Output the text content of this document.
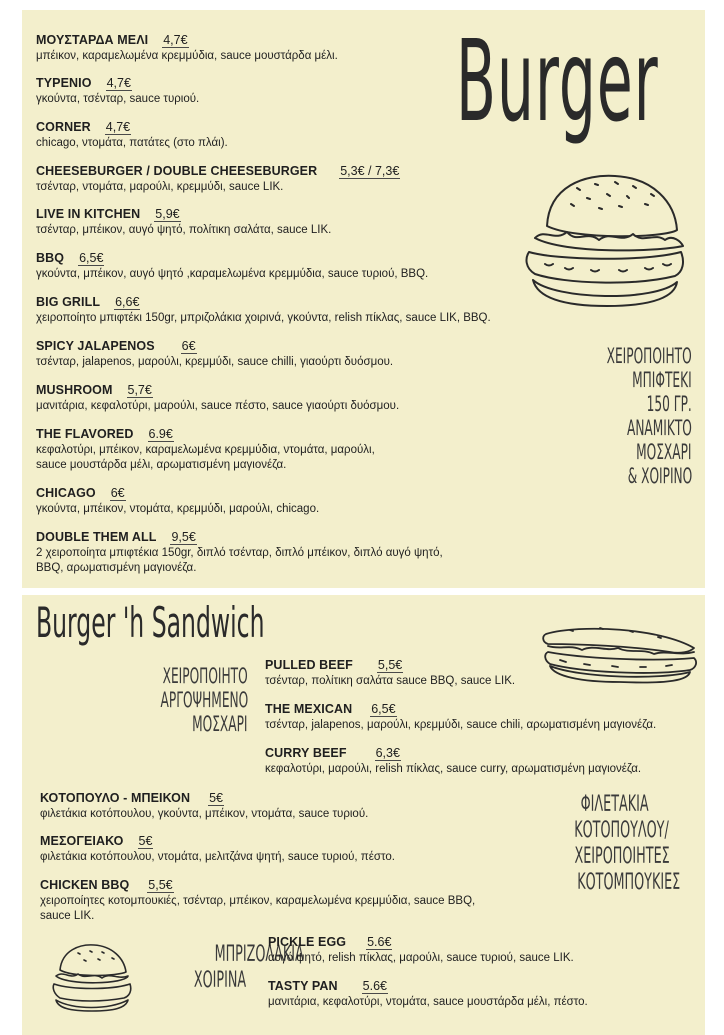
Burger
ΧΕΙΡΟΠΟΙΗΤΟ
ΜΠΙΦΤΕΚΙ
150 ΓΡ.
ΑΝΑΜΙΚΤΟ
ΜΟΣΧΑΡΙ
& ΧΟΙΡΙΝΟ
ΜΟΥΣΤΑΡΔΑ ΜΕΛΙ 4,7€
μπέικον, καραμελωμένα κρεμμύδια, sauce μουστάρδα μέλι.
ΤΥΡΕΝΙΟ 4,7€
γκούντα, τσένταρ, sauce τυριού.
CORNER 4,7€
chicago, ντομάτα, πατάτες (στο πλάι).
CHEESEBURGER / DOUBLE CHEESEBURGER 5,3€ / 7,3€
τσένταρ, ντομάτα, μαρούλι, κρεμμύδι, sauce LIK.
LIVE IN KITCHEN 5,9€
τσένταρ, μπέικον, αυγό ψητό, πολίτικη σαλάτα, sauce LIK.
BBQ 6,5€
γκούντα, μπέικον, αυγό ψητό ,καραμελωμένα κρεμμύδια, sauce τυριού, BBQ.
BIG GRILL 6,6€
χειροποίητο μπιφτέκι 150gr, μπριζολάκια χοιρινά, γκούντα, relish πίκλας, sauce LIK, BBQ.
SPICY JALAPENOS 6€
τσένταρ, jalapenos, μαρούλι, κρεμμύδι, sauce chilli, γιαούρτι δυόσμου.
MUSHROOM 5,7€
μανιτάρια, κεφαλοτύρι, μαρούλι, sauce πέστο, sauce γιαούρτι δυόσμου.
THE FLAVORED 6.9€
κεφαλοτύρι, μπέικον, καραμελωμένα κρεμμύδια, ντομάτα, μαρούλι,
sauce μουστάρδα μέλι, αρωματισμένη μαγιονέζα.
CHICAGO 6€
γκούντα, μπέικον, ντομάτα, κρεμμύδι, μαρούλι, chicago.
DOUBLE THEM ALL 9,5€
2 χειροποίητα μπιφτέκια 150gr, διπλό τσένταρ, διπλό μπέικον, διπλό αυγό ψητό,
BBQ, αρωματισμένη μαγιονέζα.
Burger 'h Sandwich
ΧΕΙΡΟΠΟΙΗΤΟ
ΑΡΓΟΨΗΜΕΝΟ
ΜΟΣΧΑΡΙ
PULLED BEEF 5,5€
τσένταρ, πολίτικη σαλάτα sauce BBQ, sauce LIK.
THE MEXICAN 6,5€
τσένταρ, jalapenos, μαρούλι, κρεμμύδι, sauce chili, αρωματισμένη μαγιονέζα.
CURRY BEEF 6,3€
κεφαλοτύρι, μαρούλι, relish πίκλας, sauce curry, αρωματισμένη μαγιονέζα.
ΚΟΤΟΠΟΥΛΟ - ΜΠΕΙΚΟΝ 5€
φιλετάκια κοτόπουλου, γκούντα, μπέικον, ντομάτα, sauce τυριού.
ΜΕΣΟΓΕΙΑΚΟ 5€
φιλετάκια κοτόπουλου, ντομάτα, μελιτζάνα ψητή, sauce τυριού, πέστο.
CHICKEN BBQ 5,5€
χειροποίητες κοτομπουκιές, τσένταρ, μπέικον, καραμελωμένα κρεμμύδια, sauce BBQ,
sauce LIK.
ΦΙΛΕΤΑΚΙΑ
ΚΟΤΟΠΟΥΛΟΥ/
ΧΕΙΡΟΠΟΙΗΤΕΣ
ΚΟΤΟΜΠΟΥΚΙΕΣ
ΜΠΡΙΖΟΛΑΚΙΑ
ΧΟΙΡΙΝΑ
PICKLE EGG 5.6€
αυγό ψητό, relish πίκλας, μαρούλι, sauce τυριού, sauce LIK.
TASTY PAN 5.6€
μανιτάρια, κεφαλοτύρι, ντομάτα, sauce μουστάρδα μέλι, πέστο.
